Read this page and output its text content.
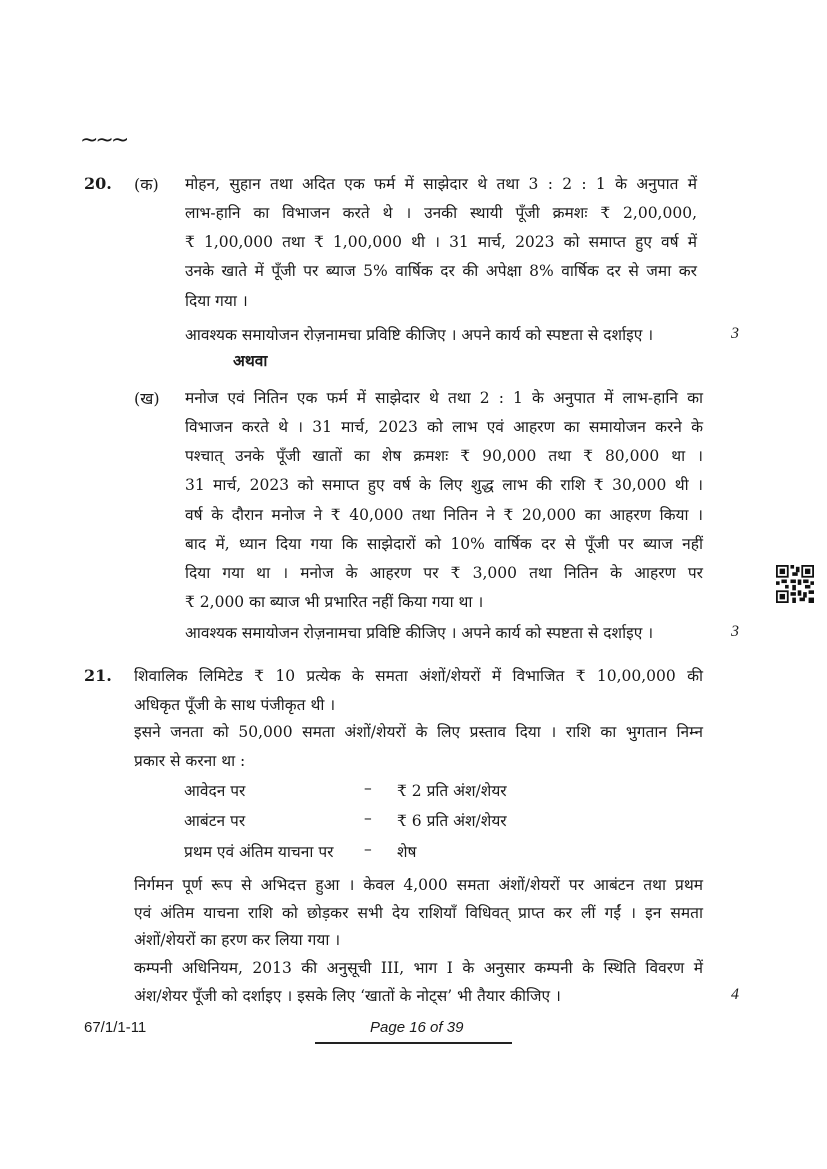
~~~
20. (क) मोहन, सुहान तथा अदित एक फर्म में साझेदार थे तथा 3 : 2 : 1 के अनुपात में
लाभ-हानि का विभाजन करते थे । उनकी स्थायी पूँजी क्रमशः ₹ 2,00,000,
₹ 1,00,000 तथा ₹ 1,00,000 थी । 31 मार्च, 2023 को समाप्त हुए वर्ष में
उनके खाते में पूँजी पर ब्याज 5% वार्षिक दर की अपेक्षा 8% वार्षिक दर से जमा कर
दिया गया ।
आवश्यक समायोजन रोज़नामचा प्रविष्टि कीजिए । अपने कार्य को स्पष्टता से दर्शाइए ।	3
अथवा
(ख) मनोज एवं नितिन एक फर्म में साझेदार थे तथा 2 : 1 के अनुपात में लाभ-हानि का
विभाजन करते थे । 31 मार्च, 2023 को लाभ एवं आहरण का समायोजन करने के
पश्चात् उनके पूँजी खातों का शेष क्रमशः ₹ 90,000 तथा ₹ 80,000 था ।
31 मार्च, 2023 को समाप्त हुए वर्ष के लिए शुद्ध लाभ की राशि ₹ 30,000 थी ।
वर्ष के दौरान मनोज ने ₹ 40,000 तथा नितिन ने ₹ 20,000 का आहरण किया ।
बाद में, ध्यान दिया गया कि साझेदारों को 10% वार्षिक दर से पूँजी पर ब्याज नहीं
दिया गया था । मनोज के आहरण पर ₹ 3,000 तथा नितिन के आहरण पर
₹ 2,000 का ब्याज भी प्रभारित नहीं किया गया था ।
आवश्यक समायोजन रोज़नामचा प्रविष्टि कीजिए । अपने कार्य को स्पष्टता से दर्शाइए ।	3
21. शिवालिक लिमिटेड ₹ 10 प्रत्येक के समता अंशों/शेयरों में विभाजित ₹ 10,00,000 की
अधिकृत पूँजी के साथ पंजीकृत थी ।
इसने जनता को 50,000 समता अंशों/शेयरों के लिए प्रस्ताव दिया । राशि का भुगतान निम्न
प्रकार से करना था :
आवेदन पर	– ₹ 2 प्रति अंश/शेयर
आबंटन पर	– ₹ 6 प्रति अंश/शेयर
प्रथम एवं अंतिम याचना पर – शेष
निर्गमन पूर्ण रूप से अभिदत्त हुआ । केवल 4,000 समता अंशों/शेयरों पर आबंटन तथा प्रथम
एवं अंतिम याचना राशि को छोड़कर सभी देय राशियाँ विधिवत् प्राप्त कर लीं गईं । इन समता
अंशों/शेयरों का हरण कर लिया गया ।
कम्पनी अधिनियम, 2013 की अनुसूची III, भाग I के अनुसार कम्पनी के स्थिति विवरण में
अंश/शेयर पूँजी को दर्शाइए । इसके लिए ‘खातों के नोट्स’ भी तैयार कीजिए ।	4
67/1/1-11	Page 16 of 39
